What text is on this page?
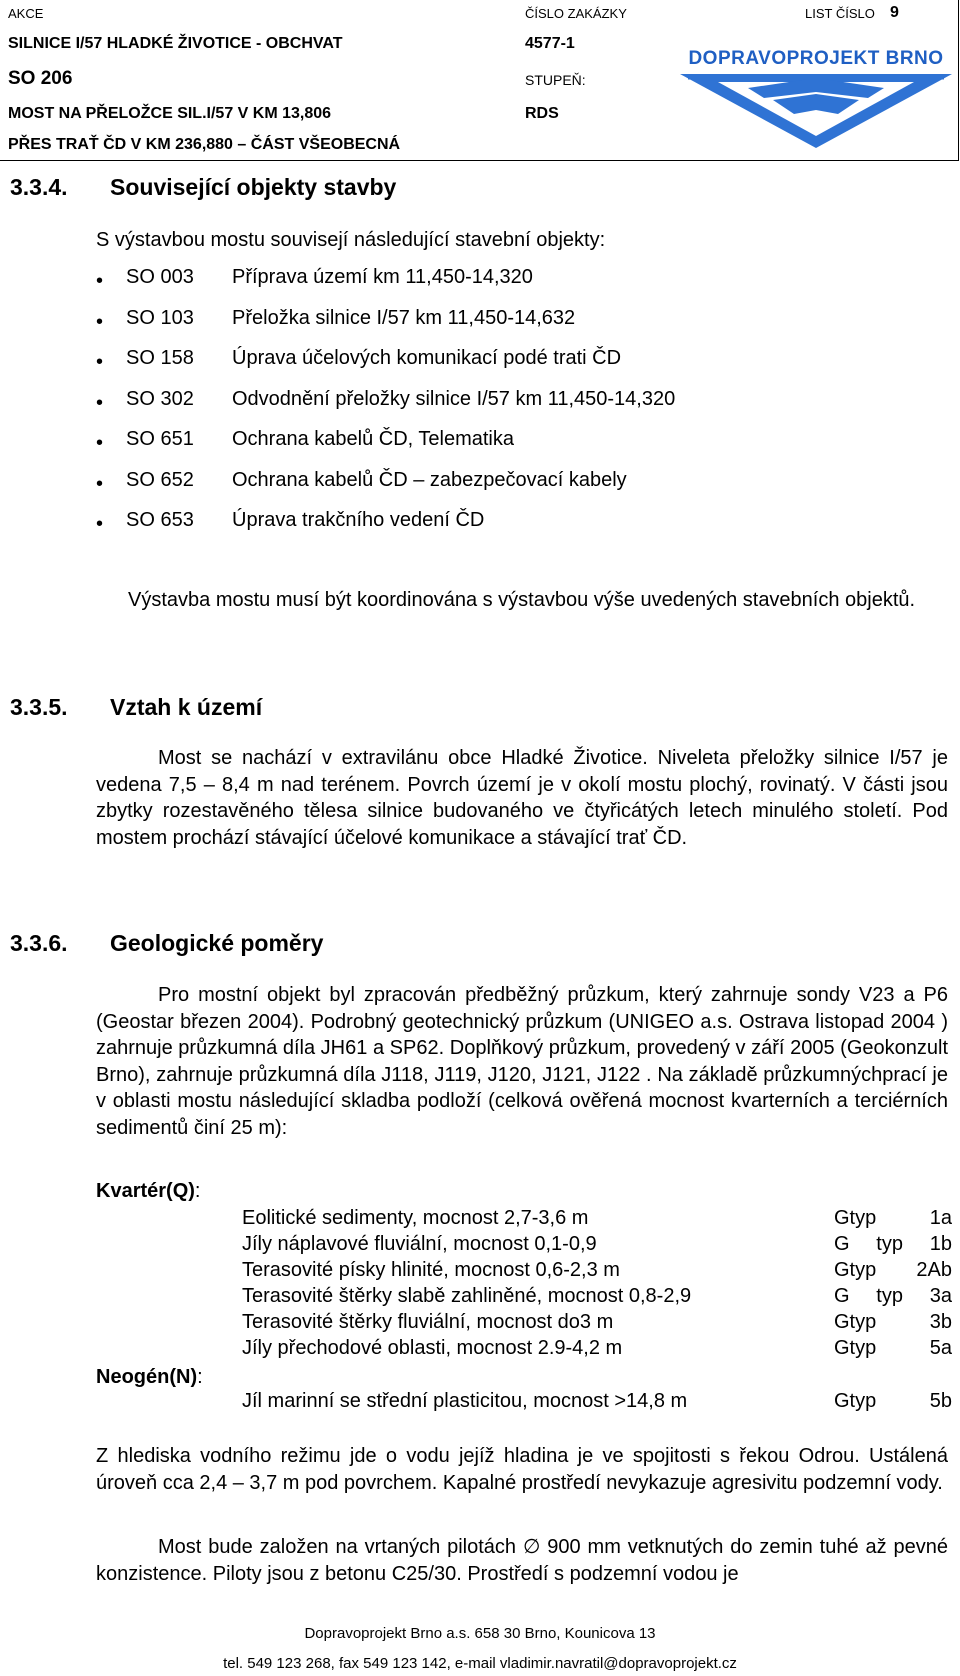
AKCE
SILNICE I/57 HLADKÉ ŽIVOTICE - OBCHVAT
SO 206
MOST NA PŘELOŽCE SIL.I/57 V KM 13,806
PŘES TRAŤ ČD V KM 236,880 – ČÁST VŠEOBECNÁ
ČÍSLO ZAKÁZKY
4577-1
STUPEŇ:
RDS
LIST ČÍSLO 9
DOPRAVOPROJEKT BRNO
3.3.4. Související objekty stavby
S výstavbou mostu souvisejí následující stavební objekty:
• SO 003 Příprava území km 11,450-14,320
• SO 103 Přeložka silnice I/57 km 11,450-14,632
• SO 158 Úprava účelových komunikací podé trati ČD
• SO 302 Odvodnění přeložky silnice I/57 km 11,450-14,320
• SO 651 Ochrana kabelů ČD, Telematika
• SO 652 Ochrana kabelů ČD – zabezpečovací kabely
• SO 653 Úprava trakčního vedení ČD
Výstavba mostu musí být koordinována s výstavbou výše uvedených stavebních objektů.
3.3.5. Vztah k území
Most se nachází v extravilánu obce Hladké Životice. Niveleta přeložky silnice I/57 je vedena 7,5 – 8,4 m nad terénem. Povrch území je v okolí mostu plochý, rovinatý. V části jsou zbytky rozestavěného tělesa silnice budovaného ve čtyřicátých letech minulého století. Pod mostem prochází stávající účelové komunikace a stávající trať ČD.
3.3.6. Geologické poměry
Pro mostní objekt byl zpracován předběžný průzkum, který zahrnuje sondy V23 a P6 (Geostar březen 2004). Podrobný geotechnický průzkum (UNIGEO a.s. Ostrava listopad 2004 ) zahrnuje průzkumná díla JH61 a SP62. Doplňkový průzkum, provedený v září 2005 (Geokonzult Brno), zahrnuje průzkumná díla J118, J119, J120, J121, J122 . Na základě průzkumnýchprací je v oblasti mostu následující skladba podloží (celková ověřená mocnost kvarterních a terciérních sedimentů činí 25 m):
Kvartér(Q):
Neogén(N):
Eolitické sedimenty, mocnost 2,7-3,6 m	Gtyp 1a
Jíly náplavové fluviální, mocnost 0,1-0,9	G typ 1b
Terasovité písky hlinité, mocnost 0,6-2,3 m	Gtyp 2Ab
Terasovité štěrky slabě zahliněné, mocnost 0,8-2,9	G typ 3a
Terasovité štěrky fluviální, mocnost do3 m	Gtyp 3b
Jíly přechodové oblasti, mocnost 2.9-4,2 m	Gtyp 5a

Jíl marinní se střední plasticitou, mocnost >14,8 m	Gtyp 5b
Z hlediska vodního režimu jde o vodu jejíž hladina je ve spojitosti s řekou Odrou. Ustálená úroveň cca 2,4 – 3,7 m pod povrchem. Kapalné prostředí nevykazuje agresivitu podzemní vody.
Most bude založen na vrtaných pilotách ∅ 900 mm vetknutých do zemin tuhé až pevné konzistence. Piloty jsou z betonu C25/30. Prostředí s podzemní vodou je
Dopravoprojekt Brno a.s. 658 30 Brno, Kounicova 13
tel. 549 123 268, fax 549 123 142, e-mail vladimir.navratil@dopravoprojekt.cz
